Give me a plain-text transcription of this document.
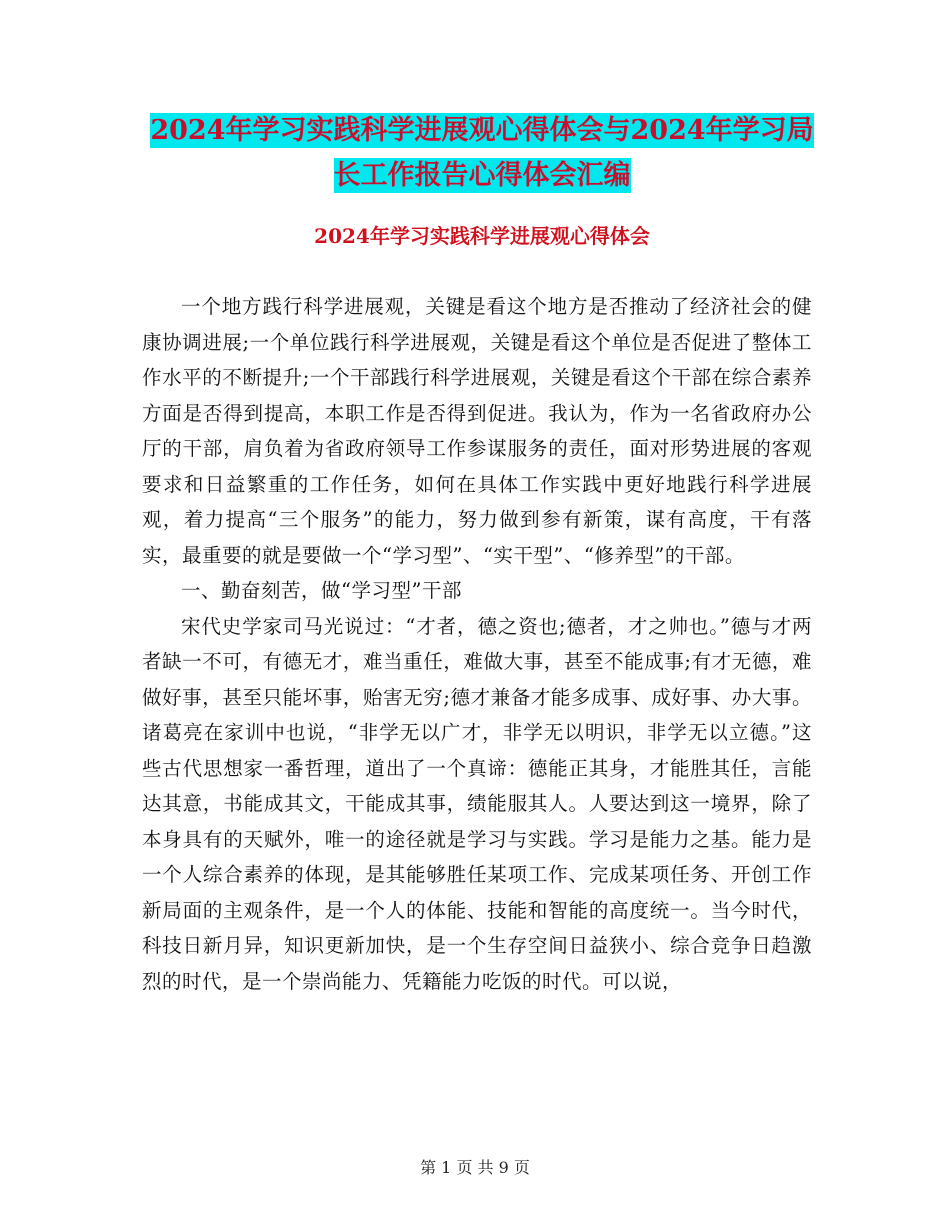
2024年学习实践科学进展观心得体会与2024年学习局
长工作报告心得体会汇编
2024年学习实践科学进展观心得体会

一个地方践行科学进展观，关键是看这个地方是否推动了经济社会的健康协调进展;一个单位践行科学进展观，关键是看这个单位是否促进了整体工作水平的不断提升;一个干部践行科学进展观，关键是看这个干部在综合素养方面是否得到提高，本职工作是否得到促进。我认为，作为一名省政府办公厅的干部，肩负着为省政府领导工作参谋服务的责任，面对形势进展的客观要求和日益繁重的工作任务，如何在具体工作实践中更好地践行科学进展观，着力提高“三个服务”的能力，努力做到参有新策，谋有高度，干有落实，最重要的就是要做一个“学习型”、“实干型”、“修养型”的干部。

一、勤奋刻苦，做“学习型”干部

宋代史学家司马光说过：“才者，德之资也;德者，才之帅也。”德与才两者缺一不可，有德无才，难当重任，难做大事，甚至不能成事;有才无德，难做好事，甚至只能坏事，贻害无穷;德才兼备才能多成事、成好事、办大事。诸葛亮在家训中也说，“非学无以广才，非学无以明识，非学无以立德。”这些古代思想家一番哲理，道出了一个真谛：德能正其身，才能胜其任，言能达其意，书能成其文，干能成其事，绩能服其人。人要达到这一境界，除了本身具有的天赋外，唯一的途径就是学习与实践。学习是能力之基。能力是一个人综合素养的体现，是其能够胜任某项工作、完成某项任务、开创工作新局面的主观条件，是一个人的体能、技能和智能的高度统一。当今时代，科技日新月异，知识更新加快，是一个生存空间日益狭小、综合竞争日趋激烈的时代，是一个崇尚能力、凭籍能力吃饭的时代。可以说，

第 1 页 共 9 页
